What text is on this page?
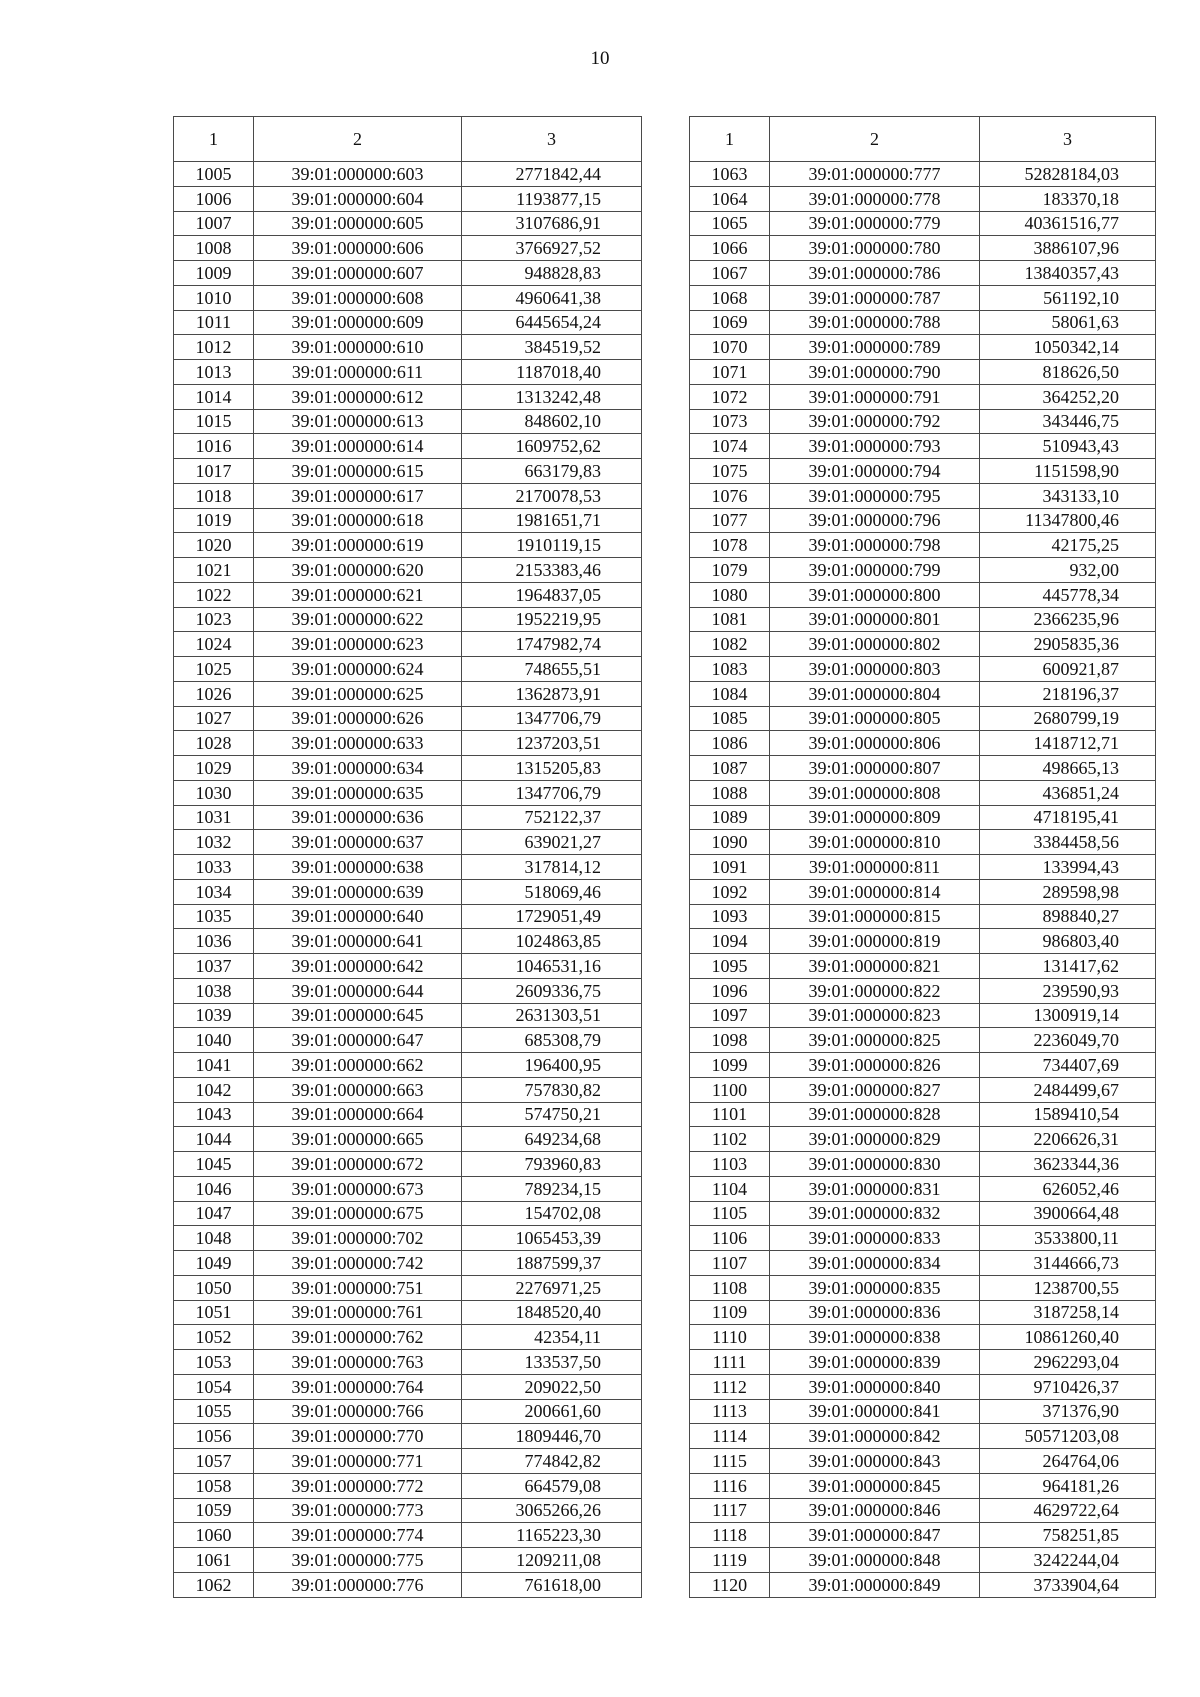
10
1	2	3
1005	39:01:000000:603	2771842,44
1006	39:01:000000:604	1193877,15
1007	39:01:000000:605	3107686,91
1008	39:01:000000:606	3766927,52
1009	39:01:000000:607	948828,83
1010	39:01:000000:608	4960641,38
1011	39:01:000000:609	6445654,24
1012	39:01:000000:610	384519,52
1013	39:01:000000:611	1187018,40
1014	39:01:000000:612	1313242,48
1015	39:01:000000:613	848602,10
1016	39:01:000000:614	1609752,62
1017	39:01:000000:615	663179,83
1018	39:01:000000:617	2170078,53
1019	39:01:000000:618	1981651,71
1020	39:01:000000:619	1910119,15
1021	39:01:000000:620	2153383,46
1022	39:01:000000:621	1964837,05
1023	39:01:000000:622	1952219,95
1024	39:01:000000:623	1747982,74
1025	39:01:000000:624	748655,51
1026	39:01:000000:625	1362873,91
1027	39:01:000000:626	1347706,79
1028	39:01:000000:633	1237203,51
1029	39:01:000000:634	1315205,83
1030	39:01:000000:635	1347706,79
1031	39:01:000000:636	752122,37
1032	39:01:000000:637	639021,27
1033	39:01:000000:638	317814,12
1034	39:01:000000:639	518069,46
1035	39:01:000000:640	1729051,49
1036	39:01:000000:641	1024863,85
1037	39:01:000000:642	1046531,16
1038	39:01:000000:644	2609336,75
1039	39:01:000000:645	2631303,51
1040	39:01:000000:647	685308,79
1041	39:01:000000:662	196400,95
1042	39:01:000000:663	757830,82
1043	39:01:000000:664	574750,21
1044	39:01:000000:665	649234,68
1045	39:01:000000:672	793960,83
1046	39:01:000000:673	789234,15
1047	39:01:000000:675	154702,08
1048	39:01:000000:702	1065453,39
1049	39:01:000000:742	1887599,37
1050	39:01:000000:751	2276971,25
1051	39:01:000000:761	1848520,40
1052	39:01:000000:762	42354,11
1053	39:01:000000:763	133537,50
1054	39:01:000000:764	209022,50
1055	39:01:000000:766	200661,60
1056	39:01:000000:770	1809446,70
1057	39:01:000000:771	774842,82
1058	39:01:000000:772	664579,08
1059	39:01:000000:773	3065266,26
1060	39:01:000000:774	1165223,30
1061	39:01:000000:775	1209211,08
1062	39:01:000000:776	761618,00
1	2	3
1063	39:01:000000:777	52828184,03
1064	39:01:000000:778	183370,18
1065	39:01:000000:779	40361516,77
1066	39:01:000000:780	3886107,96
1067	39:01:000000:786	13840357,43
1068	39:01:000000:787	561192,10
1069	39:01:000000:788	58061,63
1070	39:01:000000:789	1050342,14
1071	39:01:000000:790	818626,50
1072	39:01:000000:791	364252,20
1073	39:01:000000:792	343446,75
1074	39:01:000000:793	510943,43
1075	39:01:000000:794	1151598,90
1076	39:01:000000:795	343133,10
1077	39:01:000000:796	11347800,46
1078	39:01:000000:798	42175,25
1079	39:01:000000:799	932,00
1080	39:01:000000:800	445778,34
1081	39:01:000000:801	2366235,96
1082	39:01:000000:802	2905835,36
1083	39:01:000000:803	600921,87
1084	39:01:000000:804	218196,37
1085	39:01:000000:805	2680799,19
1086	39:01:000000:806	1418712,71
1087	39:01:000000:807	498665,13
1088	39:01:000000:808	436851,24
1089	39:01:000000:809	4718195,41
1090	39:01:000000:810	3384458,56
1091	39:01:000000:811	133994,43
1092	39:01:000000:814	289598,98
1093	39:01:000000:815	898840,27
1094	39:01:000000:819	986803,40
1095	39:01:000000:821	131417,62
1096	39:01:000000:822	239590,93
1097	39:01:000000:823	1300919,14
1098	39:01:000000:825	2236049,70
1099	39:01:000000:826	734407,69
1100	39:01:000000:827	2484499,67
1101	39:01:000000:828	1589410,54
1102	39:01:000000:829	2206626,31
1103	39:01:000000:830	3623344,36
1104	39:01:000000:831	626052,46
1105	39:01:000000:832	3900664,48
1106	39:01:000000:833	3533800,11
1107	39:01:000000:834	3144666,73
1108	39:01:000000:835	1238700,55
1109	39:01:000000:836	3187258,14
1110	39:01:000000:838	10861260,40
1111	39:01:000000:839	2962293,04
1112	39:01:000000:840	9710426,37
1113	39:01:000000:841	371376,90
1114	39:01:000000:842	50571203,08
1115	39:01:000000:843	264764,06
1116	39:01:000000:845	964181,26
1117	39:01:000000:846	4629722,64
1118	39:01:000000:847	758251,85
1119	39:01:000000:848	3242244,04
1120	39:01:000000:849	3733904,64
